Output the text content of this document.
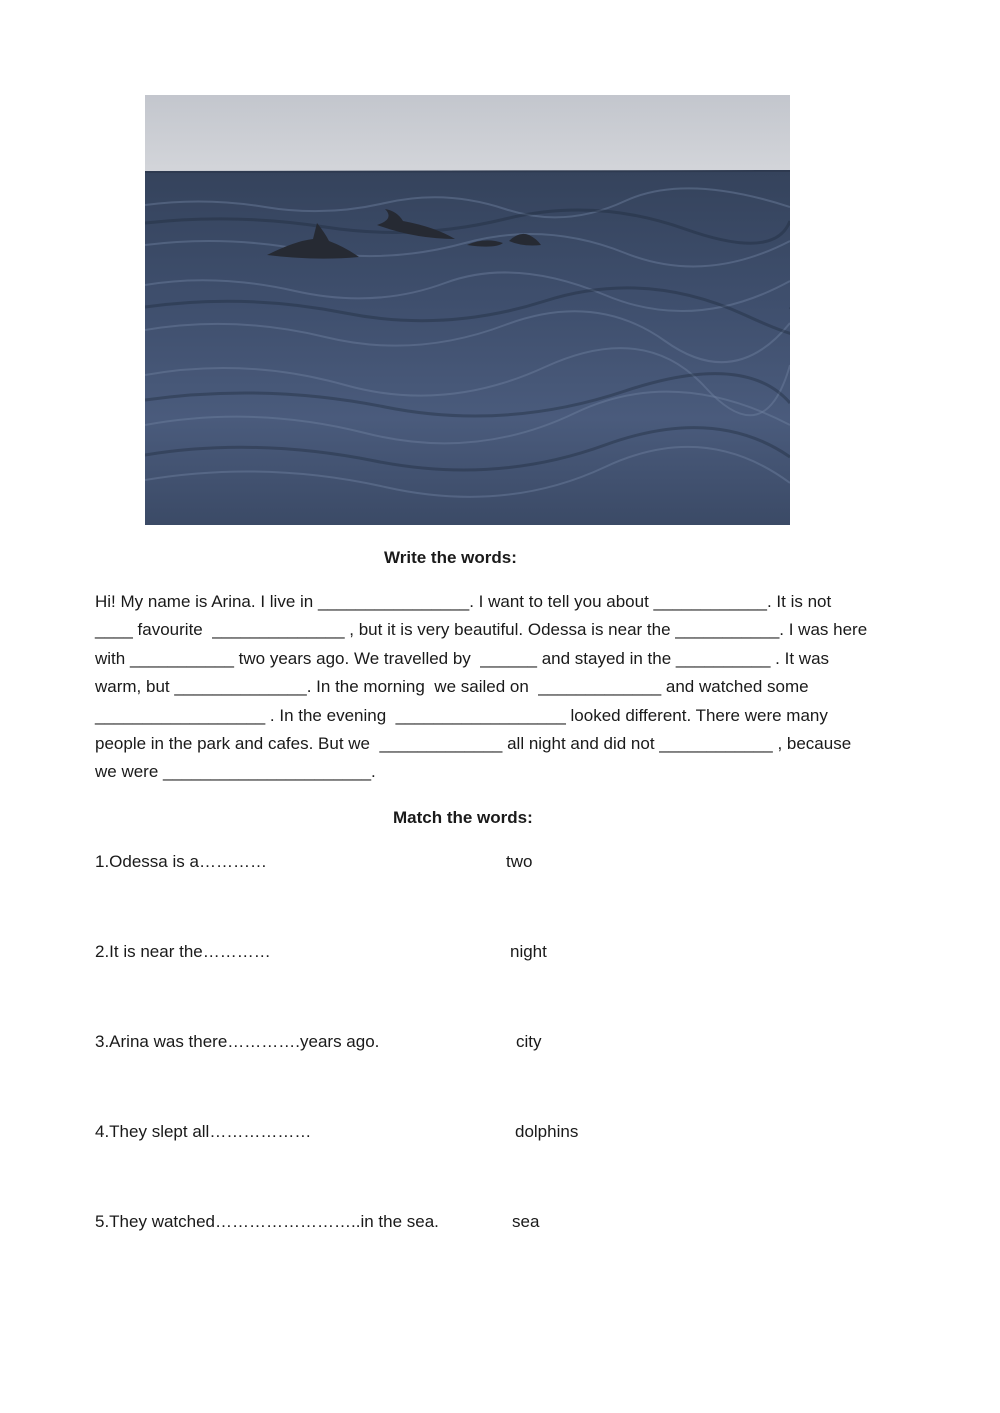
Write the words:
Hi! My name is Arina. I live in ________________. I want to tell you about ____________. It is not
____ favourite  ______________ , but it is very beautiful. Odessa is near the ___________. I was here
with ___________ two years ago. We travelled by  ______ and stayed in the __________ . It was
warm, but ______________. In the morning  we sailed on  _____________ and watched some
__________________ . In the evening  __________________ looked different. There were many
people in the park and cafes. But we  _____________ all night and did not ____________ , because
we were ______________________.
Match the words:
1.Odessa is a…………	two
2.It is near the…………	night
3.Arina was there………….years ago.	city
4.They slept all………………	dolphins
5.They watched……………………..in the sea.	sea
